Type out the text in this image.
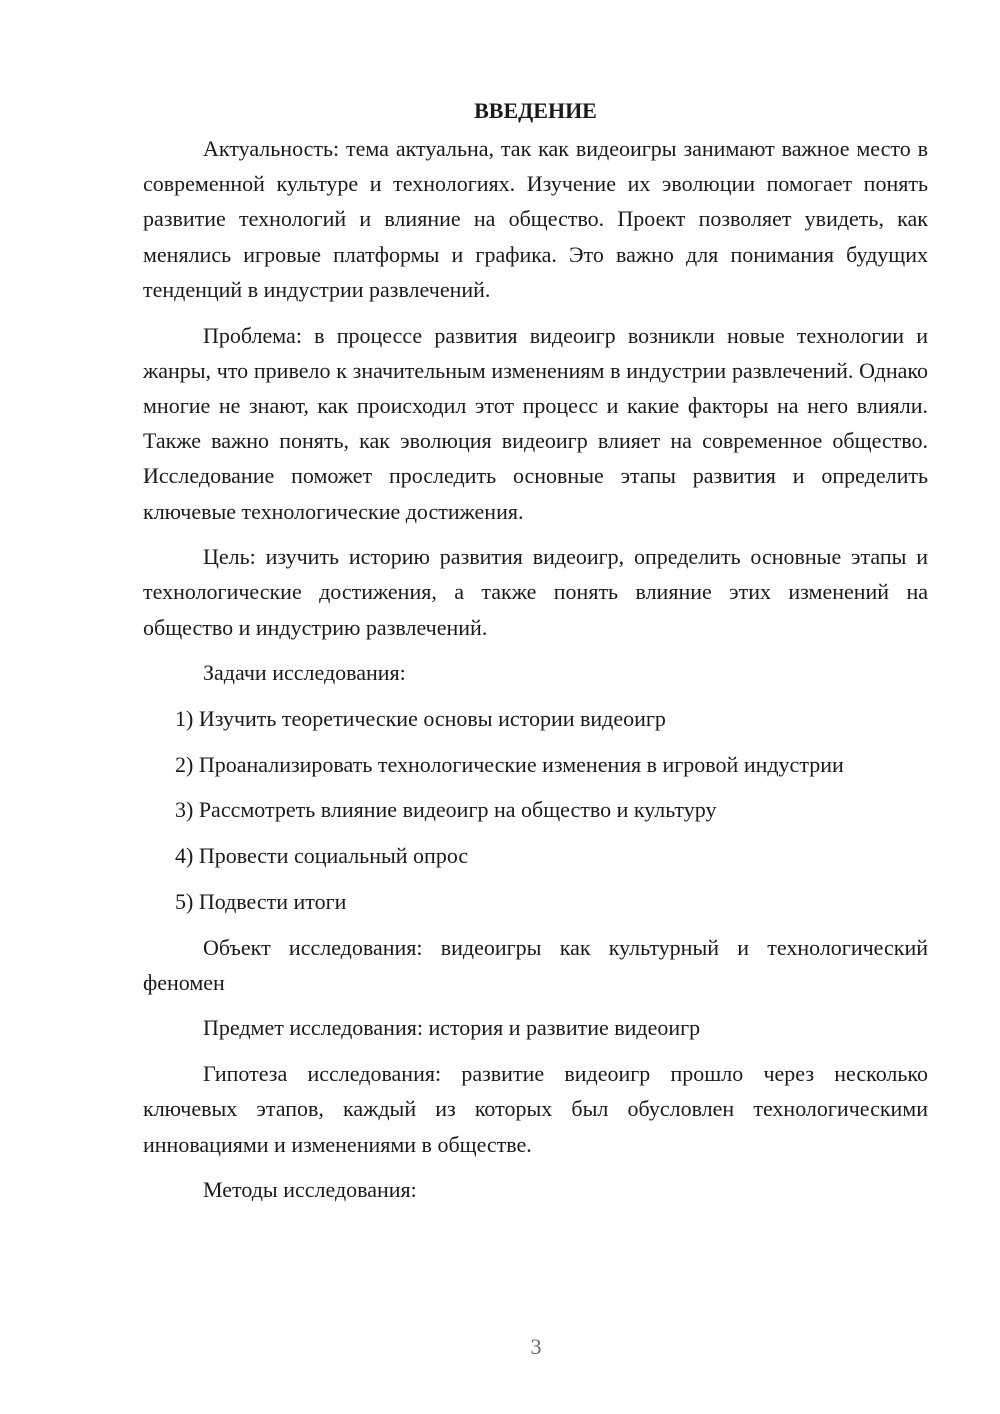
ВВЕДЕНИЕ

Актуальность: тема актуальна, так как видеоигры занимают важное место в современной культуре и технологиях. Изучение их эволюции помогает понять развитие технологий и влияние на общество. Проект позволяет увидеть, как менялись игровые платформы и графика. Это важно для понимания будущих тенденций в индустрии развлечений.

Проблема: в процессе развития видеоигр возникли новые технологии и жанры, что привело к значительным изменениям в индустрии развлечений. Однако многие не знают, как происходил этот процесс и какие факторы на него влияли. Также важно понять, как эволюция видеоигр влияет на современное общество. Исследование поможет проследить основные этапы развития и определить ключевые технологические достижения.

Цель: изучить историю развития видеоигр, определить основные этапы и технологические достижения, а также понять влияние этих изменений на общество и индустрию развлечений.

Задачи исследования:

1) Изучить теоретические основы истории видеоигр

2) Проанализировать технологические изменения в игровой индустрии

3) Рассмотреть влияние видеоигр на общество и культуру

4) Провести социальный опрос

5) Подвести итоги

Объект исследования: видеоигры как культурный и технологический феномен

Предмет исследования: история и развитие видеоигр

Гипотеза исследования: развитие видеоигр прошло через несколько ключевых этапов, каждый из которых был обусловлен технологическими инновациями и изменениями в обществе.

Методы исследования:

3
